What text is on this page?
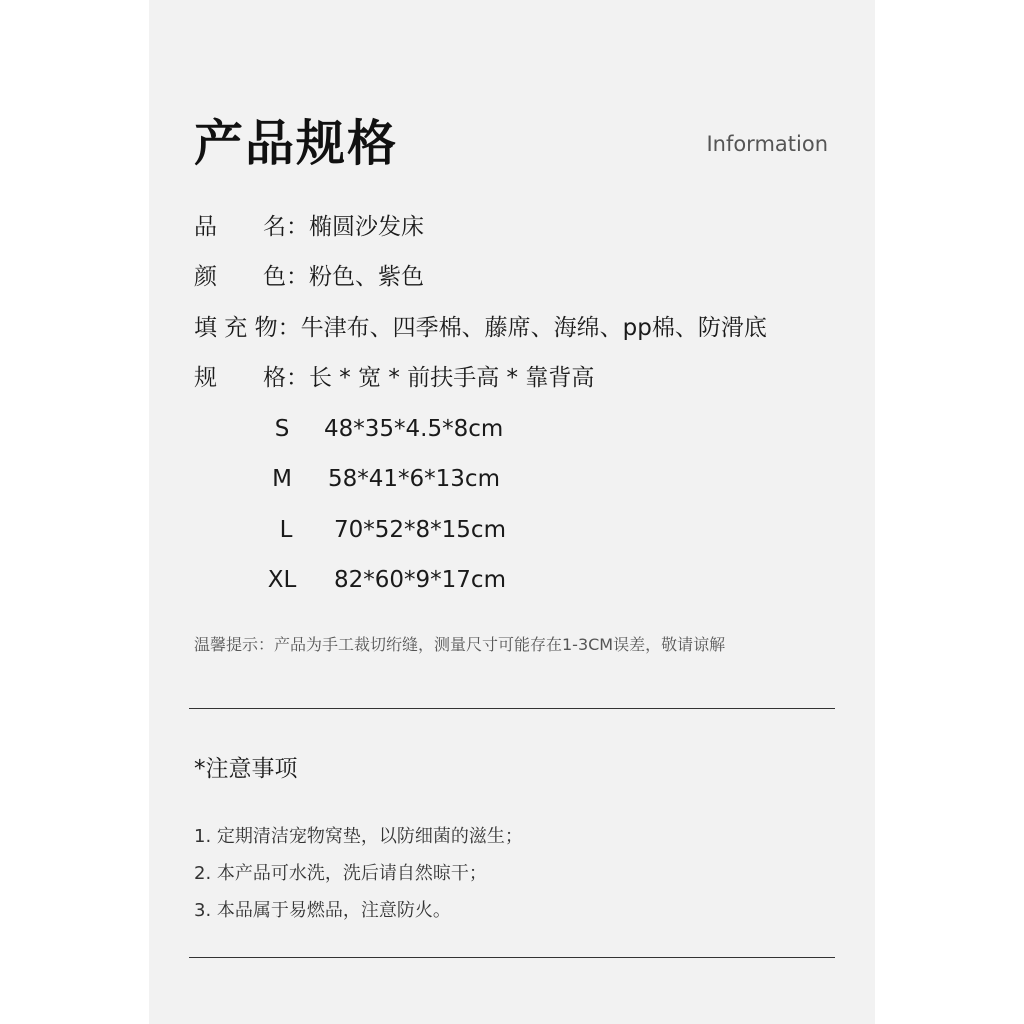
产品规格	Information
品　　名：椭圆沙发床
颜　　色：粉色、紫色
填 充 物：牛津布、四季棉、藤席、海绵、pp棉、防滑底
规　　格：长 * 宽 * 前扶手高 * 靠背高
S	48*35*4.5*8cm
M	58*41*6*13cm
L	70*52*8*15cm
XL 82*60*9*17cm
温馨提示：产品为手工裁切绗缝，测量尺寸可能存在1-3CM误差，敬请谅解
*注意事项
1. 定期清洁宠物窝垫，以防细菌的滋生；
2. 本产品可水洗，洗后请自然晾干；
3. 本品属于易燃品，注意防火。
